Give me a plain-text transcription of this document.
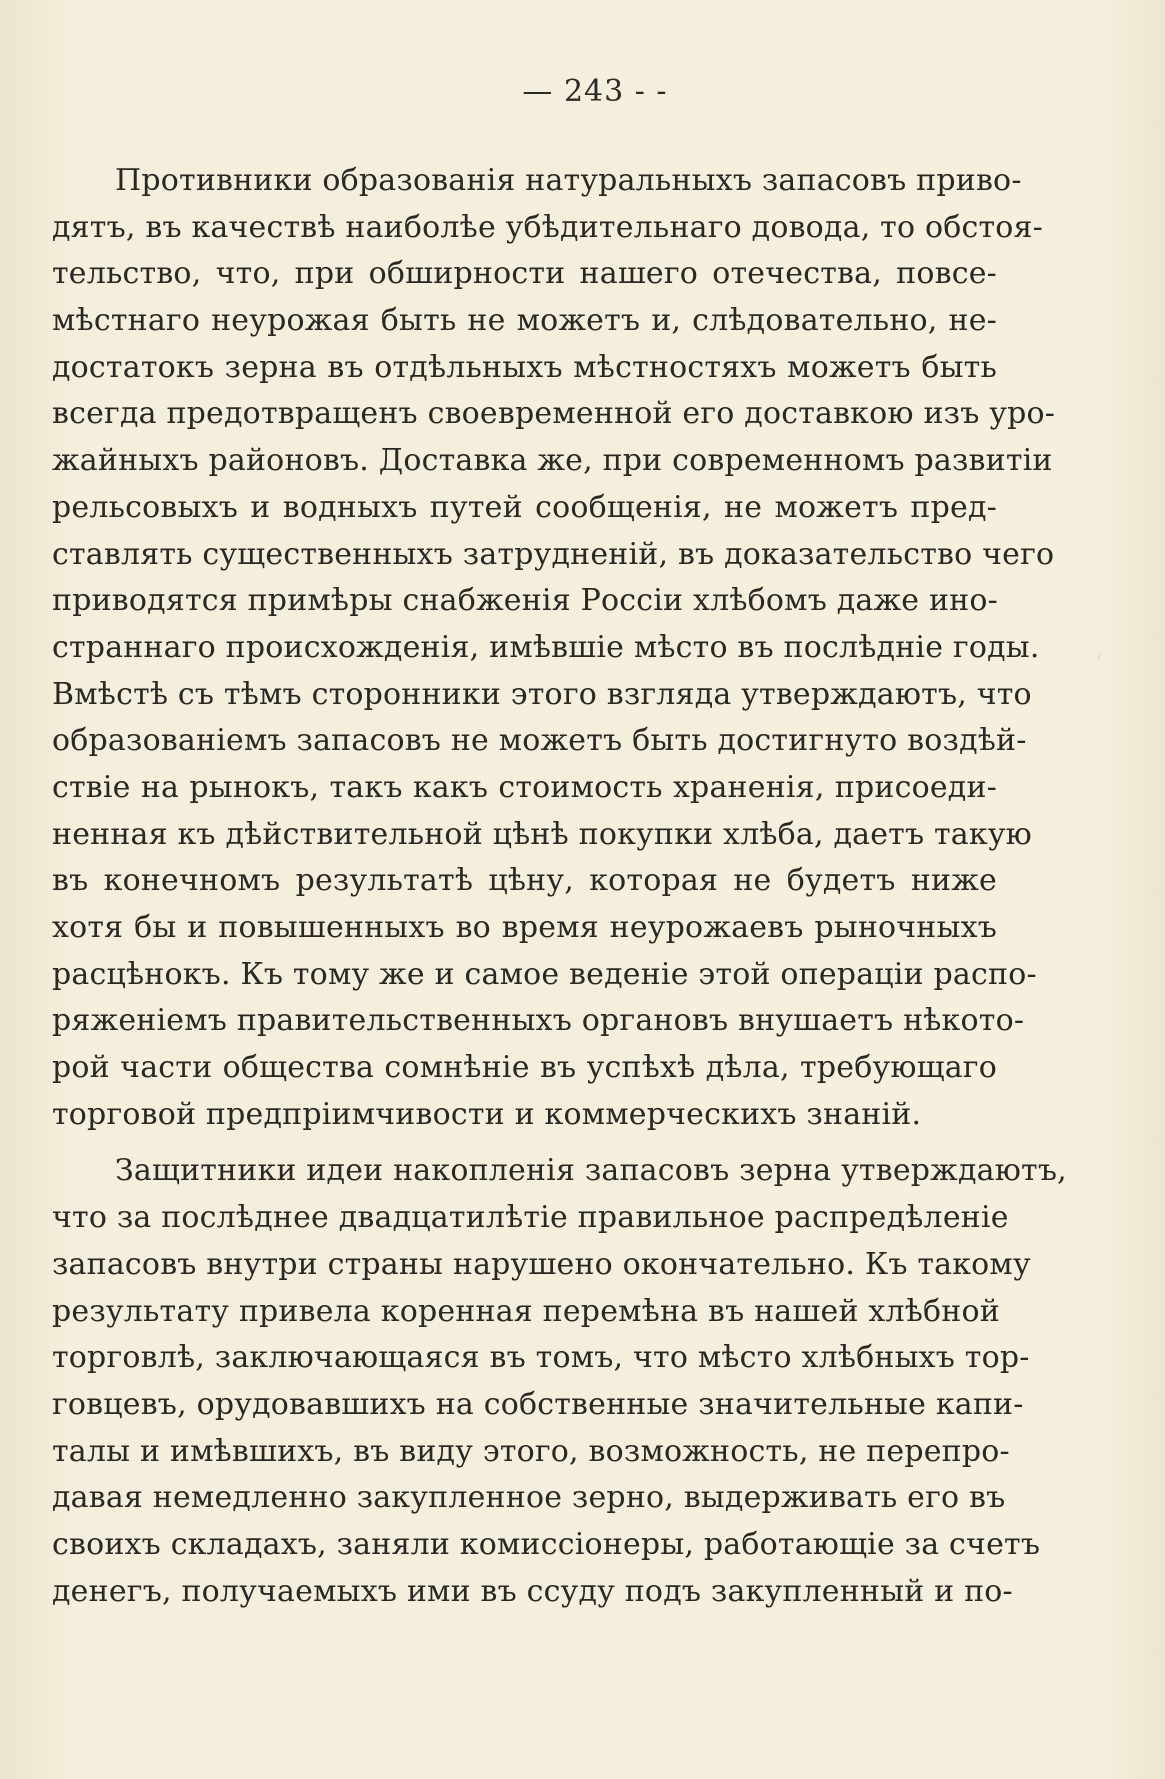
— 243 - -
ʹ
Противники образованія натуральныхъ запасовъ приво-
дятъ, въ качествѣ наиболѣе убѣдительнаго довода, то обстоя-
тельство, что, при обширности нашего отечества, повсе-
мѣстнаго неурожая быть не можетъ и, слѣдовательно, не-
достатокъ зерна въ отдѣльныхъ мѣстностяхъ можетъ быть
всегда предотвращенъ своевременной его доставкою изъ уро-
жайныхъ районовъ. Доставка же, при современномъ развитіи
рельсовыхъ и водныхъ путей сообщенія, не можетъ пред-
ставлять существенныхъ затрудненій, въ доказательство чего
приводятся примѣры снабженія Россіи хлѣбомъ даже ино-
страннаго происхожденія, имѣвшіе мѣсто въ послѣдніе годы.
Вмѣстѣ съ тѣмъ сторонники этого взгляда утверждаютъ, что
образованіемъ запасовъ не можетъ быть достигнуто воздѣй-
ствіе на рынокъ, такъ какъ стоимость храненія, присоеди-
ненная къ дѣйствительной цѣнѣ покупки хлѣба, даетъ такую
въ конечномъ результатѣ цѣну, которая не будетъ ниже
хотя бы и повышенныхъ во время неурожаевъ рыночныхъ
расцѣнокъ. Къ тому же и самое веденіе этой операціи распо-
ряженіемъ правительственныхъ органовъ внушаетъ нѣкото-
рой части общества сомнѣніе въ успѣхѣ дѣла, требующаго
торговой предпріимчивости и коммерческихъ знаній.
Защитники идеи накопленія запасовъ зерна утверждаютъ,
что за послѣднее двадцатилѣтіе правильное распредѣленіе
запасовъ внутри страны нарушено окончательно. Къ такому
результату привела коренная перемѣна въ нашей хлѣбной
торговлѣ, заключающаяся въ томъ, что мѣсто хлѣбныхъ тор-
говцевъ, орудовавшихъ на собственные значительные капи-
талы и имѣвшихъ, въ виду этого, возможность, не перепро-
давая немедленно закупленное зерно, выдерживать его въ
своихъ складахъ, заняли комиссіонеры, работающіе за счетъ
денегъ, получаемыхъ ими въ ссуду подъ закупленный и по-
